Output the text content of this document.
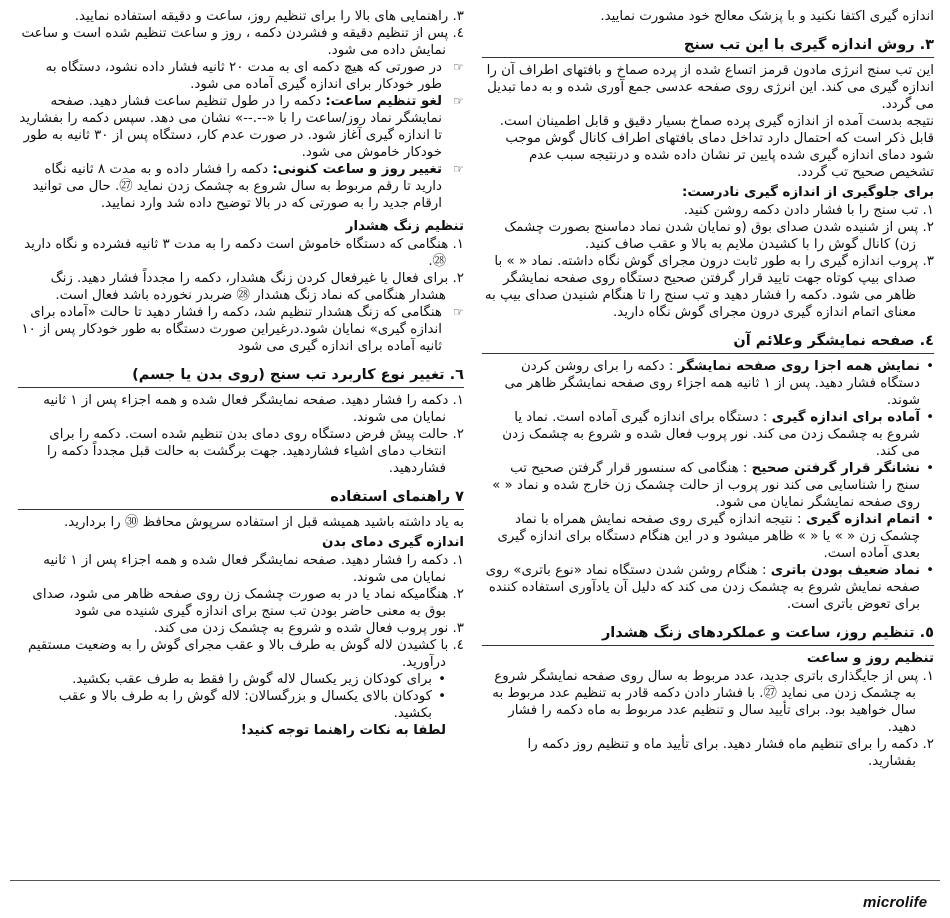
اندازه گیری اکتفا نکنید و با پزشک معالج خود مشورت نمایید.

۳. روش اندازه گیری با این تب سنج

این تب سنج انرژی مادون قرمز اتساع شده از پرده صماخ و بافتهای اطراف آن را اندازه گیری می کند. این انرژی روی صفحه عدسی جمع آوری شده و به دما تبدیل می گردد.

نتیجه بدست آمده از اندازه گیری پرده صماخ بسیار دقیق و قابل اطمینان است. قابل ذکر است که احتمال دارد تداخل دمای بافتهای اطراف کانال گوش موجب شود دمای اندازه گیری شده پایین تر نشان داده شده و درنتیجه سبب عدم تشخیص صحیح تب گردد.

برای جلوگیری از اندازه گیری نادرست:

۱. تب سنج را با فشار دادن دکمه روشن کنید.

۲. پس از شنیده شدن صدای بوق (و نمایان شدن نماد دماسنج بصورت چشمک زن) کانال گوش را با کشیدن ملایم به بالا و عقب صاف کنید.

۳. پروب اندازه گیری را به طور ثابت درون مجرای گوش نگاه داشته. نماد « » با صدای بیپ کوتاه جهت تایید قرار گرفتن صحیح دستگاه روی صفحه نمایشگر ظاهر می شود. دکمه را فشار دهید و تب سنج را تا هنگام شنیدن صدای بیپ به معنای اتمام اندازه گیری درون مجرای گوش نگاه دارید.

٤. صفحه نمایشگر وعلائم آن

• نمایش همه اجزا روی صفحه نمایشگر : دکمه را برای روشن کردن دستگاه فشار دهید. پس از ۱ ثانیه همه اجزاء روی صفحه نمایشگر ظاهر می شوند.

• آماده برای اندازه گیری : دستگاه برای اندازه گیری آماده است. نماد یا شروع به چشمک زدن می کند. نور پروب فعال شده و شروع به چشمک زدن می کند.

• نشانگر قرار گرفتن صحیح : هنگامی که سنسور قرار گرفتن صحیح تب سنج را شناسایی می کند نور پروب از حالت چشمک زن خارج شده و نماد « » روی صفحه نمایشگر نمایان می شود.

• اتمام اندازه گیری : نتیجه اندازه گیری روی صفحه نمایش همراه با نماد چشمک زن « » یا « » ظاهر میشود و در این هنگام دستگاه برای اندازه گیری بعدی آماده است.

• نماد ضعیف بودن باتری : هنگام روشن شدن دستگاه نماد «نوع باتری» روی صفحه نمایش شروع به چشمک زدن می کند که دلیل آن یادآوری استفاده کننده برای تعوض باتری است.

٥. تنظیم روز، ساعت و عملکردهای زنگ هشدار
تنظیم روز و ساعت

۱. پس از جایگذاری باتری جدید، عدد مربوط به سال روی صفحه نمایشگر شروع به چشمک زدن می نماید ㉗. با فشار دادن دکمه قادر به تنظیم عدد مربوط به سال خواهید بود. برای تأیید سال و تنظیم عدد مربوط به ماه دکمه را فشار دهید.

۲. دکمه را برای تنظیم ماه فشار دهید. برای تأیید ماه و تنظیم روز دکمه را بفشارید.

۳. راهنمایی های بالا را برای تنظیم روز، ساعت و دقیقه استفاده نمایید.

٤. پس از تنظیم دقیقه و فشردن دکمه ، روز و ساعت تنظیم شده است و ساعت نمایش داده می شود.

☞
در صورتی که هیچ دکمه ای به مدت ۲۰ ثانیه فشار داده نشود، دستگاه به طور خودکار برای اندازه گیری آماده می شود.

☞
لغو تنظیم ساعت: دکمه را در طول تنظیم ساعت فشار دهید. صفحه نمایشگر نماد روز/ساعت را با «--.--» نشان می دهد. سپس دکمه را بفشارید تا اندازه گیری آغاز شود. در صورت عدم کار، دستگاه پس از ۳۰ ثانیه به طور خودکار خاموش می شود.

☞
تغییر روز و ساعت کنونی: دکمه را فشار داده و به مدت ۸ ثانیه نگاه دارید تا رقم مربوط به سال شروع به چشمک زدن نماید ㉗. حال می توانید ارقام جدید را به صورتی که در بالا توضیح داده شد وارد نمایید.

تنظیم زنگ هشدار

۱. هنگامی که دستگاه خاموش است دکمه را به مدت ۳ ثانیه فشرده و نگاه دارید ㉘.

۲. برای فعال یا غیرفعال کردن زنگ هشدار، دکمه را مجدداً فشار دهید. زنگ هشدار هنگامی که نماد زنگ هشدار ㉘ ضربدر نخورده باشد فعال است.

☞
هنگامی که زنگ هشدار تنظیم شد، دکمه را فشار دهید تا حالت «آماده برای اندازه گیری» نمایان شود.درغیراین صورت دستگاه به طور خودکار پس از ۱۰ ثانیه آماده برای اندازه گیری می شود

٦. تغییر نوع کاربرد تب سنج (روی بدن یا جسم)

۱. دکمه را فشار دهید. صفحه نمایشگر فعال شده و همه اجزاء پس از ۱ ثانیه نمایان می شوند.

۲. حالت پیش فرض دستگاه روی دمای بدن تنظیم شده است. دکمه را برای انتخاب دمای اشیاء فشاردهید. جهت برگشت به حالت قبل مجدداً دکمه را فشاردهید.

۷ راهنمای استفاده

به یاد داشته باشید همیشه قبل از استفاده سرپوش محافظ ㉚ را بردارید.

اندازه گیری دمای بدن

۱. دکمه را فشار دهید. صفحه نمایشگر فعال شده و همه اجزاء پس از ۱ ثانیه نمایان می شوند.

۲. هنگامیکه نماد یا در به صورت چشمک زن روی صفحه ظاهر می شود، صدای بوق به معنی حاضر بودن تب سنج برای اندازه گیری شنیده می شود

۳. نور پروب فعال شده و شروع به چشمک زدن می کند.

٤. با کشیدن لاله گوش به طرف بالا و عقب مجرای گوش را به وضعیت مستقیم درآورید.

• برای کودکان زیر یکسال لاله گوش را فقط به طرف عقب بکشید.

• کودکان بالای یکسال و بزرگسالان: لاله گوش را به طرف بالا و عقب بکشید.

لطفا به نکات راهنما توجه کنید!

microlife
